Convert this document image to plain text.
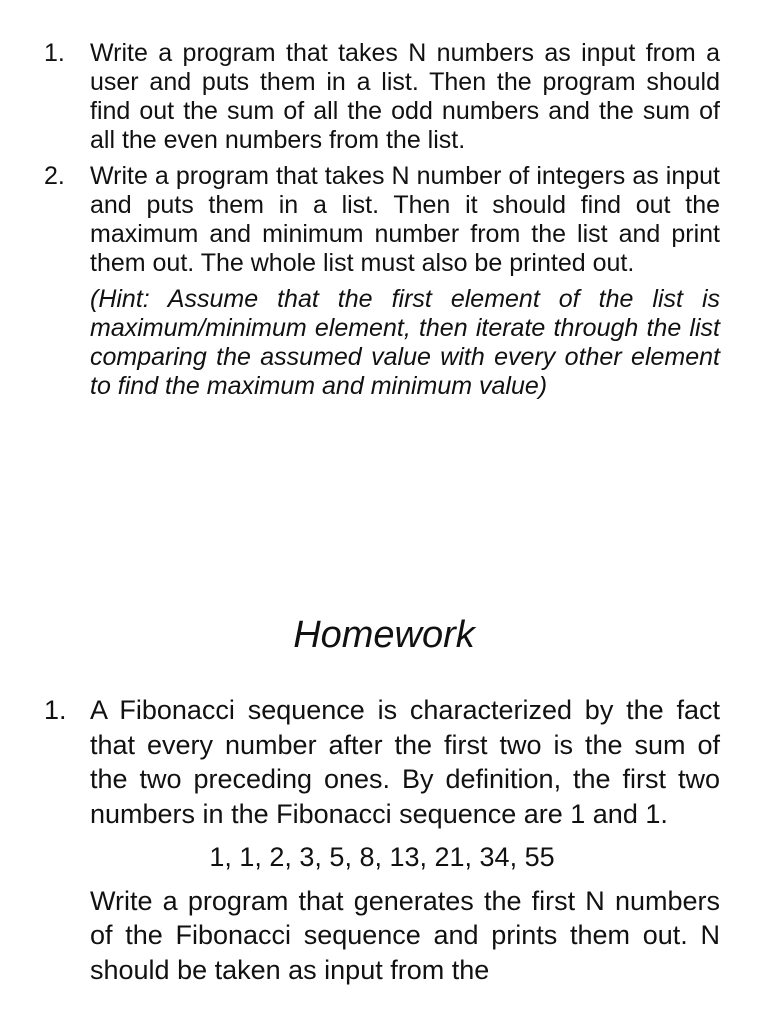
1. Write a program that takes N numbers as input from a user and puts them in a list. Then the program should find out the sum of all the odd numbers and the sum of all the even numbers from the list.

2. Write a program that takes N number of integers as input and puts them in a list. Then it should find out the maximum and minimum number from the list and print them out. The whole list must also be printed out.

(Hint: Assume that the first element of the list is maximum/minimum element, then iterate through the list comparing the assumed value with every other element to find the maximum and minimum value)

Homework
1. A Fibonacci sequence is characterized by the fact that every number after the first two is the sum of the two preceding ones. By definition, the first two numbers in the Fibonacci sequence are 1 and 1.

1, 1, 2, 3, 5, 8, 13, 21, 34, 55

Write a program that generates the first N numbers of the Fibonacci sequence and prints them out. N should be taken as input from the
